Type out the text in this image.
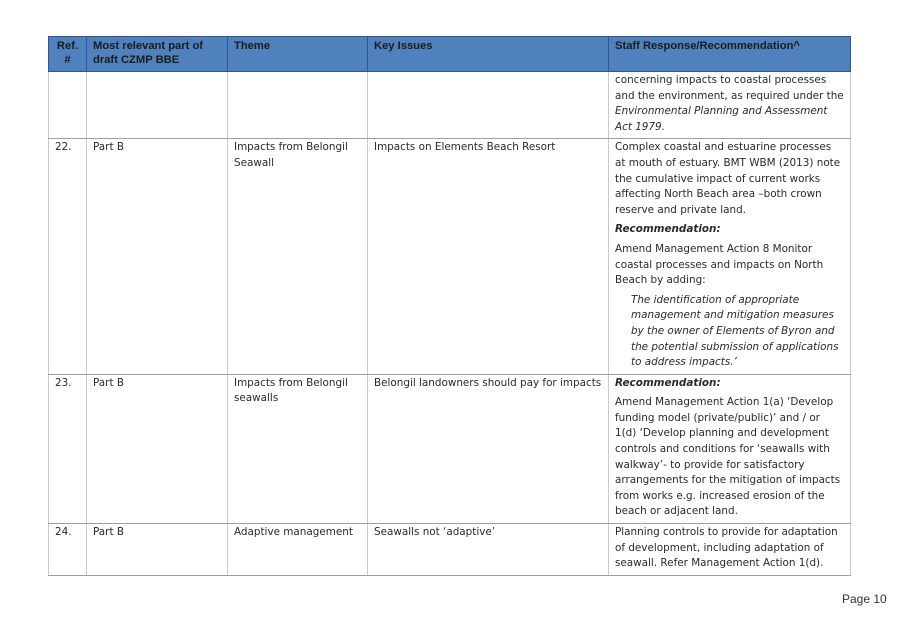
Ref. #	Most relevant part of draft CZMP BBE	Theme	Key Issues	Staff Response/Recommendation^
				concerning impacts to coastal processes and the environment, as required under the Environmental Planning and Assessment Act 1979.
22.	Part B	Impacts from Belongil Seawall	Impacts on Elements Beach Resort	Complex coastal and estuarine processes at mouth of estuary. BMT WBM (2013) note the cumulative impact of current works affecting North Beach area –both crown reserve and private land.
Recommendation:
Amend Management Action 8 Monitor coastal processes and impacts on North Beach by adding:
The identification of appropriate management and mitigation measures by the owner of Elements of Byron and the potential submission of applications to address impacts.’

23.	Part B	Impacts from Belongil seawalls	Belongil landowners should pay for impacts	Recommendation:
Amend Management Action 1(a) ‘Develop funding model (private/public)’ and / or 1(d) ‘Develop planning and development controls and conditions for ‘seawalls with walkway’- to provide for satisfactory arrangements for the mitigation of impacts from works e.g. increased erosion of the beach or adjacent land.

24.	Part B	Adaptive management	Seawalls not ‘adaptive’	Planning controls to provide for adaptation of development, including adaptation of seawall. Refer Management Action 1(d).
Page 10
